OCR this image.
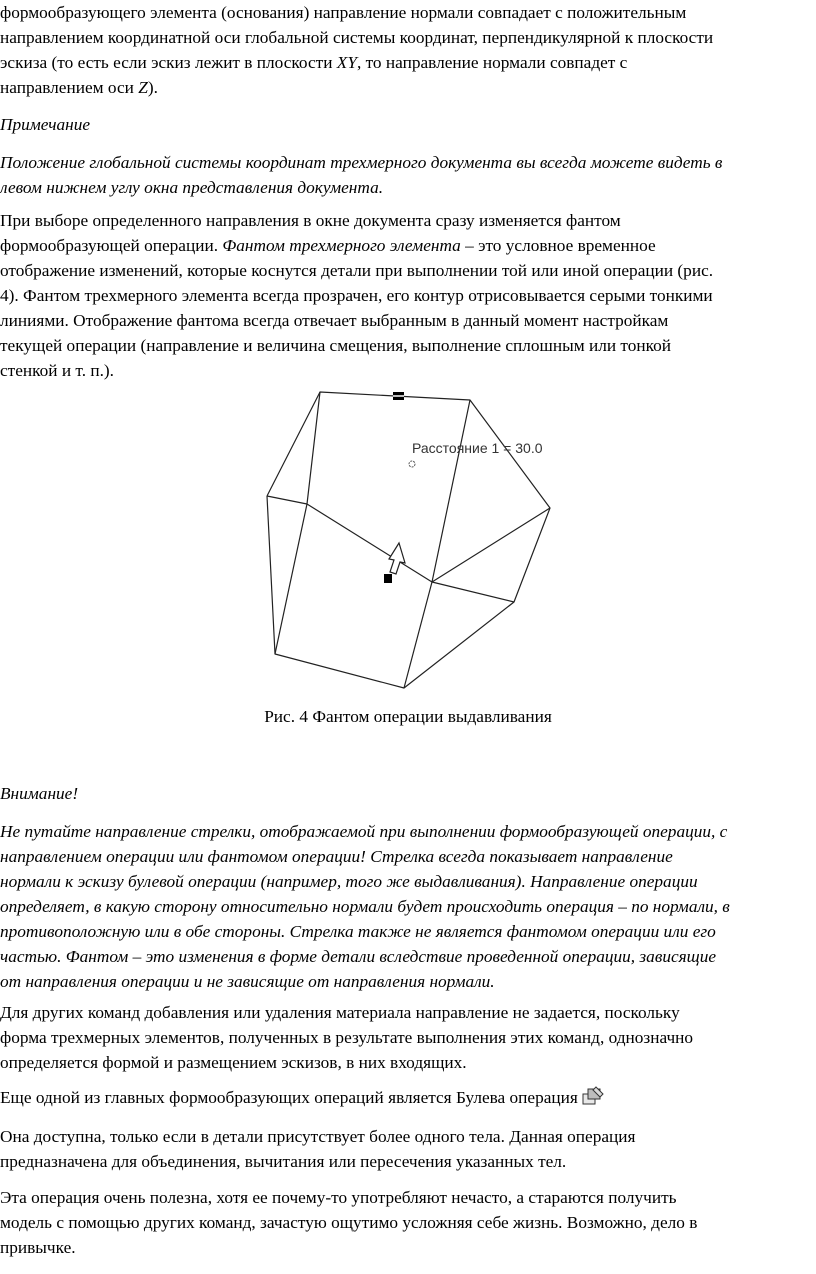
формообразующего элемента (основания) направление нормали совпадает с положительным
направлением координатной оси глобальной системы координат, перпендикулярной к плоскости
эскиза (то есть если эскиз лежит в плоскости XY, то направление нормали совпадет с
направлением оси Z).
Примечание
Положение глобальной системы координат трехмерного документа вы всегда можете видеть в
левом нижнем углу окна представления документа.
При выборе определенного направления в окне документа сразу изменяется фантом
формообразующей операции. Фантом трехмерного элемента – это условное временное
отображение изменений, которые коснутся детали при выполнении той или иной операции (рис.
4). Фантом трехмерного элемента всегда прозрачен, его контур отрисовывается серыми тонкими
линиями. Отображение фантома всегда отвечает выбранным в данный момент настройкам
текущей операции (направление и величина смещения, выполнение сплошным или тонкой
стенкой и т. п.).
Расстояние 1 = 30.0
Рис. 4 Фантом операции выдавливания
Внимание!
Не путайте направление стрелки, отображаемой при выполнении формообразующей операции, с
направлением операции или фантомом операции! Стрелка всегда показывает направление
нормали к эскизу булевой операции (например, того же выдавливания). Направление операции
определяет, в какую сторону относительно нормали будет происходить операция – по нормали, в
противоположную или в обе стороны. Стрелка также не является фантомом операции или его
частью. Фантом – это изменения в форме детали вследствие проведенной операции, зависящие
от направления операции и не зависящие от направления нормали.
Для других команд добавления или удаления материала направление не задается, поскольку
форма трехмерных элементов, полученных в результате выполнения этих команд, однозначно
определяется формой и размещением эскизов, в них входящих.
Еще одной из главных формообразующих операций является Булева операция
Она доступна, только если в детали присутствует более одного тела. Данная операция
предназначена для объединения, вычитания или пересечения указанных тел.
Эта операция очень полезна, хотя ее почему-то употребляют нечасто, а стараются получить
модель с помощью других команд, зачастую ощутимо усложняя себе жизнь. Возможно, дело в
привычке.
